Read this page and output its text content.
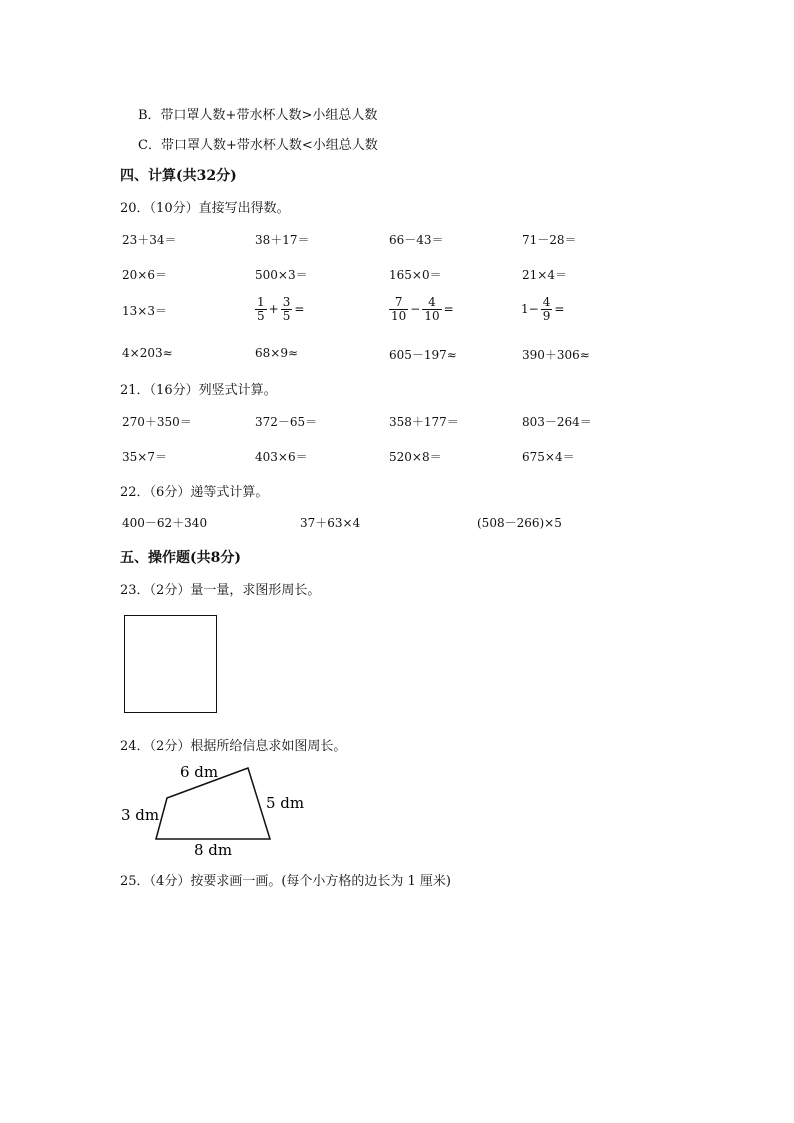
B．带口罩人数+带水杯人数>小组总人数
C．带口罩人数+带水杯人数<小组总人数
四、计算(共32分)
20．（10分）直接写出得数。
23＋34＝	38＋17＝	66－43＝	71－28＝
20×6＝	500×3＝	165×0＝	21×4＝
13×3＝	$\frac{1}{5} + \frac{3}{5}$ =	$\frac{7}{10} - \frac{4}{10}$ =	$1- \frac{4}{9}$ =
4×203≈	68×9≈	605－197≈	390＋306≈
21．（16分）列竖式计算。
270＋350＝	372－65＝	358＋177＝	803－264＝
35×7＝	403×6＝	520×8＝	675×4＝
22．（6分）递等式计算。
400－62＋340	37＋63×4	(508－266)×5
五、操作题(共8分)
23．（2分）量一量，求图形周长。
24．（2分）根据所给信息求如图周长。
6 dm
5 dm
3 dm
8 dm
25．（4分）按要求画一画。(每个小方格的边长为 1 厘米)
